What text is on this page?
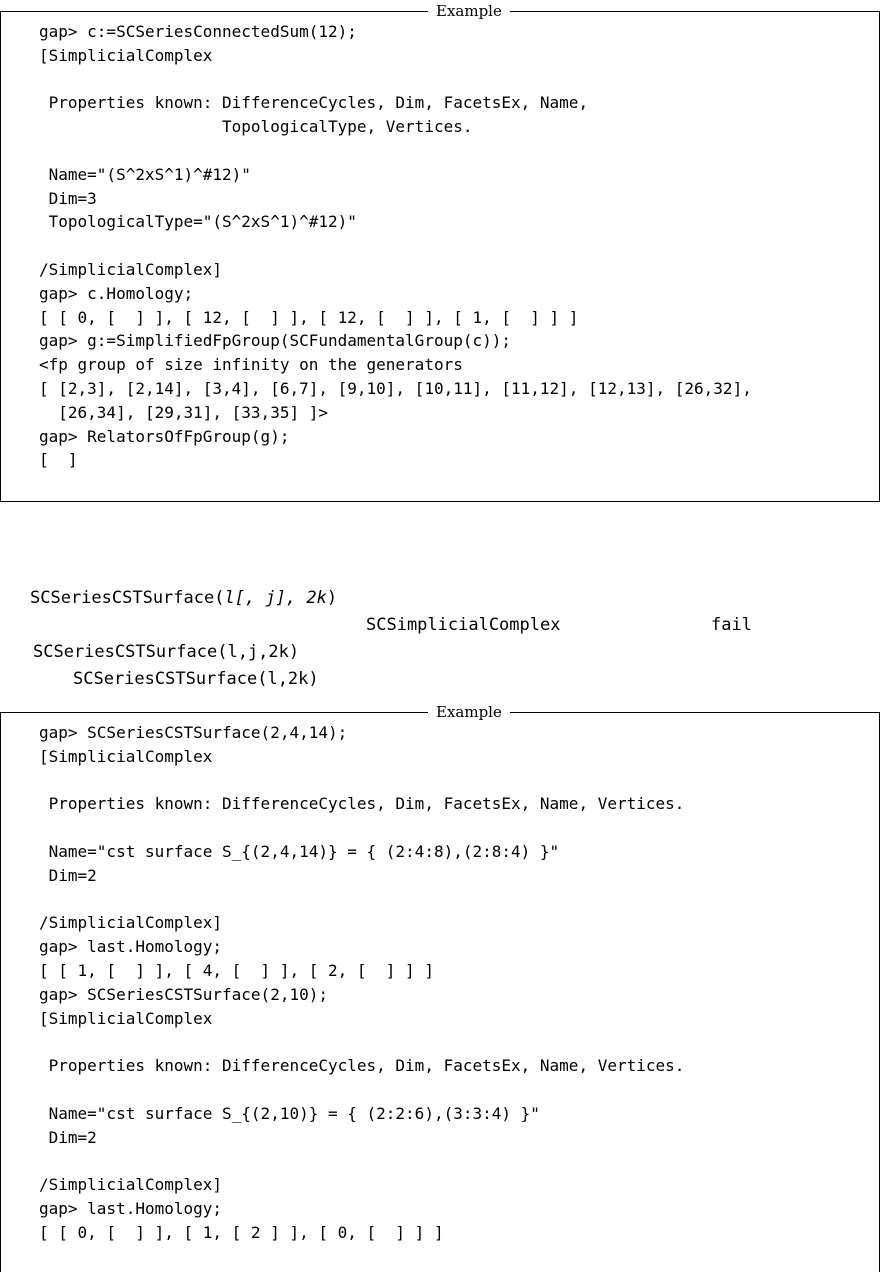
Example
gap> c:=SCSeriesConnectedSum(12);
[SimplicialComplex
Properties known: DifferenceCycles, Dim, FacetsEx, Name,
TopologicalType, Vertices.
Name="(S^2xS^1)^#12)"
Dim=3
TopologicalType="(S^2xS^1)^#12)"
/SimplicialComplex]
gap> c.Homology;
[ [ 0, [  ] ], [ 12, [  ] ], [ 12, [  ] ], [ 1, [  ] ] ]
gap> g:=SimplifiedFpGroup(SCFundamentalGroup(c));
<fp group of size infinity on the generators
[ [2,3], [2,14], [3,4], [6,7], [9,10], [10,11], [11,12], [12,13], [26,32],
[26,34], [29,31], [33,35] ]>
gap> RelatorsOfFpGroup(g);
[  ]
SCSeriesCSTSurface(l[, j], 2k)
SCSimplicialComplex	fail
SCSeriesCSTSurface(l,j,2k)
SCSeriesCSTSurface(l,2k)
Example
gap> SCSeriesCSTSurface(2,4,14);
[SimplicialComplex
Properties known: DifferenceCycles, Dim, FacetsEx, Name, Vertices.
Name="cst surface S_{(2,4,14)} = { (2:4:8),(2:8:4) }"
Dim=2
/SimplicialComplex]
gap> last.Homology;
[ [ 1, [  ] ], [ 4, [  ] ], [ 2, [  ] ] ]
gap> SCSeriesCSTSurface(2,10);
[SimplicialComplex
Properties known: DifferenceCycles, Dim, FacetsEx, Name, Vertices.
Name="cst surface S_{(2,10)} = { (2:2:6),(3:3:4) }"
Dim=2
/SimplicialComplex]
gap> last.Homology;
[ [ 0, [  ] ], [ 1, [ 2 ] ], [ 0, [  ] ] ]
